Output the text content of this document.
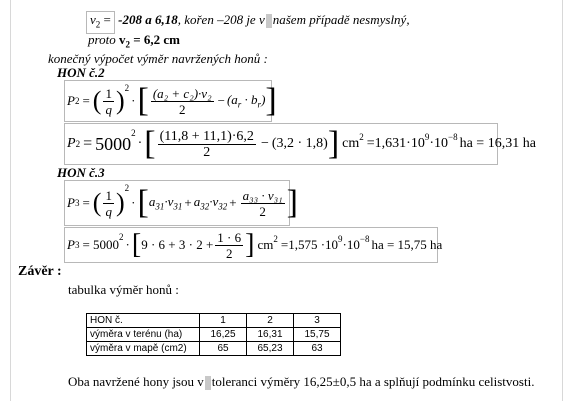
$v_2 = -208$ a 6,18, kořen –208 je v našem případě nesmyslný,
proto $v_2 = 6,2$ cm
konečný výpočet výměr navržených honů :
HON č.2
P 2 = ( $\frac{1}{q} )^2$
· [ $\frac{\text{(a₂ + c₂)·v₂}}{2} - (a_r \cdot b_r)$ ]
P 2 = 5000
$^2$
· [ $\frac{(11,8 + 11,1)\cdot 6,2}{2} - (3,2 \cdot 1,8)$ ] $cm^2 =1,631\cdot 10^9 \cdot 10^{-8}$ ha = 16,31 ha
HON č.3
P 3 = ( $\frac{1}{q}$ ) 2
· [ $a_{31}\cdot v_{31} + a_{32}\cdot v_{32} + \frac{\text{a₃₃ · v₃₁}}{2}$ ]
P $3 = 5000^2$ · [ $9 \cdot 6 + 3 \cdot 2 + \frac{1 \cdot 6}{2}$ ] $cm^2 =1,575 \cdot 10^9 \cdot 10^{-8}$ ha = 15,75 ha
Závěr :
tabulka výměr honů :
HON č.	1	2	3
výměra v terénu (ha)	16,25	16,31	15,75
výměra v mapě (cm2)	65	65,23	63
Oba navržené hony jsou v toleranci výměry 16,25±0,5 ha a splňují podmínku celistvosti.
